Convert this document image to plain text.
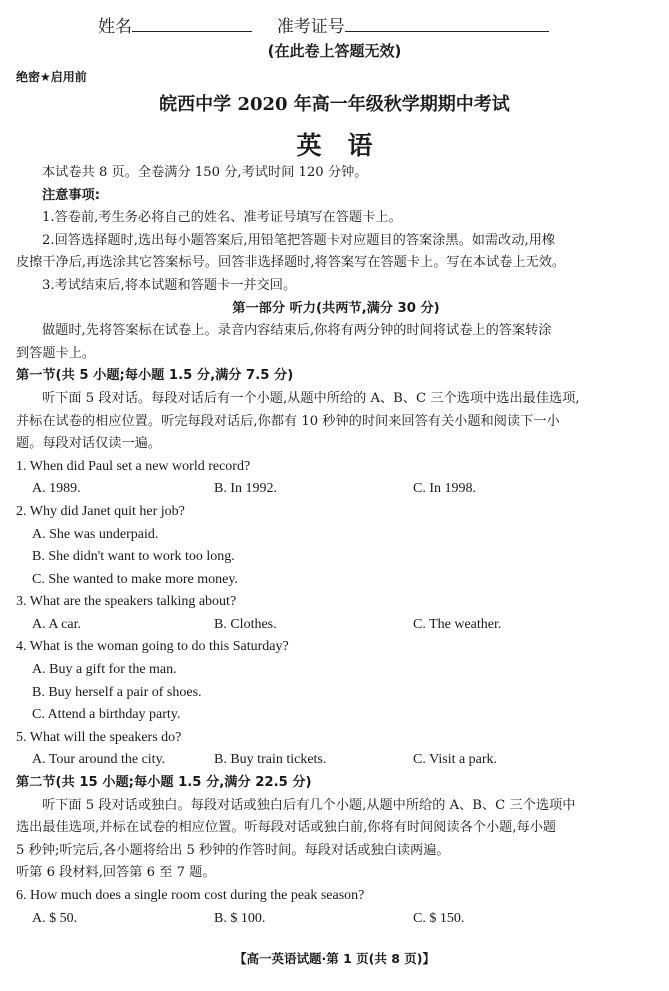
姓名	准考证号
(在此卷上答题无效)
绝密★启用前
皖西中学 2020 年高一年级秋学期期中考试
英语
本试卷共 8 页。全卷满分 150 分,考试时间 120 分钟。
注意事项:
1.答卷前,考生务必将自己的姓名、准考证号填写在答题卡上。
2.回答选择题时,选出每小题答案后,用铅笔把答题卡对应题目的答案涂黑。如需改动,用橡
皮擦干净后,再选涂其它答案标号。回答非选择题时,将答案写在答题卡上。写在本试卷上无效。
3.考试结束后,将本试题和答题卡一并交回。
第一部分 听力(共两节,满分 30 分)
做题时,先将答案标在试卷上。录音内容结束后,你将有两分钟的时间将试卷上的答案转涂
到答题卡上。
第一节(共 5 小题;每小题 1.5 分,满分 7.5 分)
听下面 5 段对话。每段对话后有一个小题,从题中所给的 A、B、C 三个选项中选出最佳选项,
并标在试卷的相应位置。听完每段对话后,你都有 10 秒钟的时间来回答有关小题和阅读下一小
题。每段对话仅读一遍。
1. When did Paul set a new world record?
A. 1989.	B. In 1992.	C. In 1998.
2. Why did Janet quit her job?
A. She was underpaid.
B. She didn't want to work too long.
C. She wanted to make more money.
3. What are the speakers talking about?
A. A car.	B. Clothes.	C. The weather.
4. What is the woman going to do this Saturday?
A. Buy a gift for the man.
B. Buy herself a pair of shoes.
C. Attend a birthday party.
5. What will the speakers do?
A. Tour around the city.	B. Buy train tickets.	C. Visit a park.
第二节(共 15 小题;每小题 1.5 分,满分 22.5 分)
听下面 5 段对话或独白。每段对话或独白后有几个小题,从题中所给的 A、B、C 三个选项中
选出最佳选项,并标在试卷的相应位置。听每段对话或独白前,你将有时间阅读各个小题,每小题
5 秒钟;听完后,各小题将给出 5 秒钟的作答时间。每段对话或独白读两遍。
听第 6 段材料,回答第 6 至 7 题。
6. How much does a single room cost during the peak season?
A. $ 50.	B. $ 100.	C. $ 150.
【高一英语试题·第 1 页(共 8 页)】
